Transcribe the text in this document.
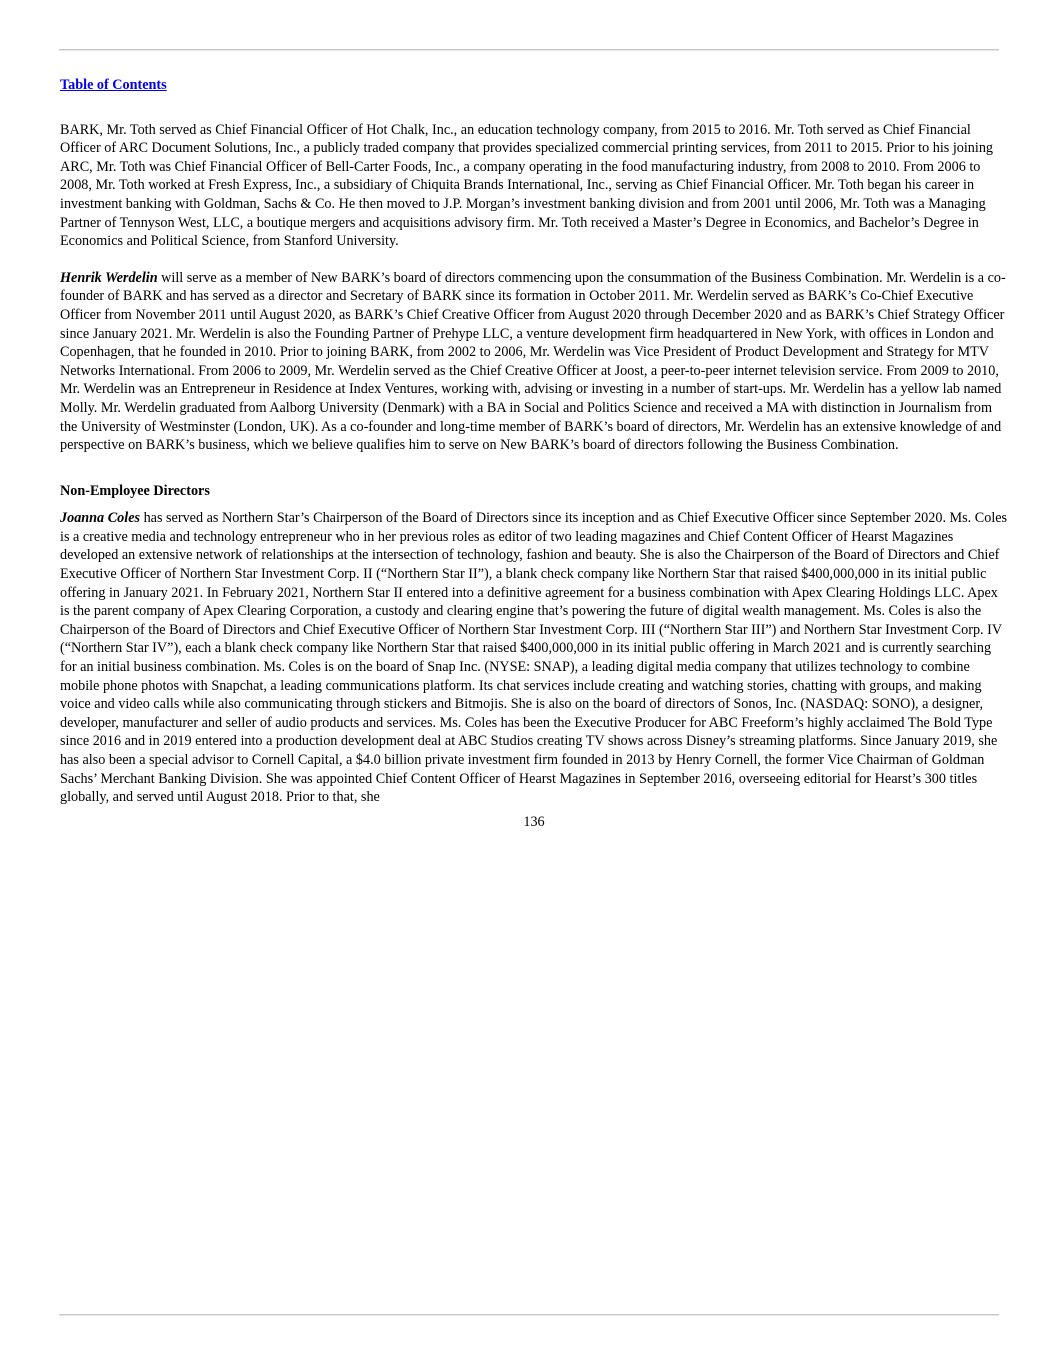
Table of Contents

BARK, Mr. Toth served as Chief Financial Officer of Hot Chalk, Inc., an education technology company, from 2015 to 2016. Mr. Toth served as Chief Financial Officer of ARC Document Solutions, Inc., a publicly traded company that provides specialized commercial printing services, from 2011 to 2015. Prior to his joining ARC, Mr. Toth was Chief Financial Officer of Bell-Carter Foods, Inc., a company operating in the food manufacturing industry, from 2008 to 2010. From 2006 to 2008, Mr. Toth worked at Fresh Express, Inc., a subsidiary of Chiquita Brands International, Inc., serving as Chief Financial Officer. Mr. Toth began his career in investment banking with Goldman, Sachs & Co. He then moved to J.P. Morgan’s investment banking division and from 2001 until 2006, Mr. Toth was a Managing Partner of Tennyson West, LLC, a boutique mergers and acquisitions advisory firm. Mr. Toth received a Master’s Degree in Economics, and Bachelor’s Degree in Economics and Political Science, from Stanford University.

Henrik Werdelin will serve as a member of New BARK’s board of directors commencing upon the consummation of the Business Combination. Mr. Werdelin is a co-founder of BARK and has served as a director and Secretary of BARK since its formation in October 2011. Mr. Werdelin served as BARK’s Co-Chief Executive Officer from November 2011 until August 2020, as BARK’s Chief Creative Officer from August 2020 through December 2020 and as BARK’s Chief Strategy Officer since January 2021. Mr. Werdelin is also the Founding Partner of Prehype LLC, a venture development firm headquartered in New York, with offices in London and Copenhagen, that he founded in 2010. Prior to joining BARK, from 2002 to 2006, Mr. Werdelin was Vice President of Product Development and Strategy for MTV Networks International. From 2006 to 2009, Mr. Werdelin served as the Chief Creative Officer at Joost, a peer-to-peer internet television service. From 2009 to 2010, Mr. Werdelin was an Entrepreneur in Residence at Index Ventures, working with, advising or investing in a number of start-ups. Mr. Werdelin has a yellow lab named Molly. Mr. Werdelin graduated from Aalborg University (Denmark) with a BA in Social and Politics Science and received a MA with distinction in Journalism from the University of Westminster (London, UK). As a co-founder and long-time member of BARK’s board of directors, Mr. Werdelin has an extensive knowledge of and perspective on BARK’s business, which we believe qualifies him to serve on New BARK’s board of directors following the Business Combination.

Non-Employee Directors

Joanna Coles has served as Northern Star’s Chairperson of the Board of Directors since its inception and as Chief Executive Officer since September 2020. Ms. Coles is a creative media and technology entrepreneur who in her previous roles as editor of two leading magazines and Chief Content Officer of Hearst Magazines developed an extensive network of relationships at the intersection of technology, fashion and beauty. She is also the Chairperson of the Board of Directors and Chief Executive Officer of Northern Star Investment Corp. II (“Northern Star II”), a blank check company like Northern Star that raised $400,000,000 in its initial public offering in January 2021. In February 2021, Northern Star II entered into a definitive agreement for a business combination with Apex Clearing Holdings LLC. Apex is the parent company of Apex Clearing Corporation, a custody and clearing engine that’s powering the future of digital wealth management. Ms. Coles is also the Chairperson of the Board of Directors and Chief Executive Officer of Northern Star Investment Corp. III (“Northern Star III”) and Northern Star Investment Corp. IV (“Northern Star IV”), each a blank check company like Northern Star that raised $400,000,000 in its initial public offering in March 2021 and is currently searching for an initial business combination. Ms. Coles is on the board of Snap Inc. (NYSE: SNAP), a leading digital media company that utilizes technology to combine mobile phone photos with Snapchat, a leading communications platform. Its chat services include creating and watching stories, chatting with groups, and making voice and video calls while also communicating through stickers and Bitmojis. She is also on the board of directors of Sonos, Inc. (NASDAQ: SONO), a designer, developer, manufacturer and seller of audio products and services. Ms. Coles has been the Executive Producer for ABC Freeform’s highly acclaimed The Bold Type since 2016 and in 2019 entered into a production development deal at ABC Studios creating TV shows across Disney’s streaming platforms. Since January 2019, she has also been a special advisor to Cornell Capital, a $4.0 billion private investment firm founded in 2013 by Henry Cornell, the former Vice Chairman of Goldman Sachs’ Merchant Banking Division. She was appointed Chief Content Officer of Hearst Magazines in September 2016, overseeing editorial for Hearst’s 300 titles globally, and served until August 2018. Prior to that, she

136
